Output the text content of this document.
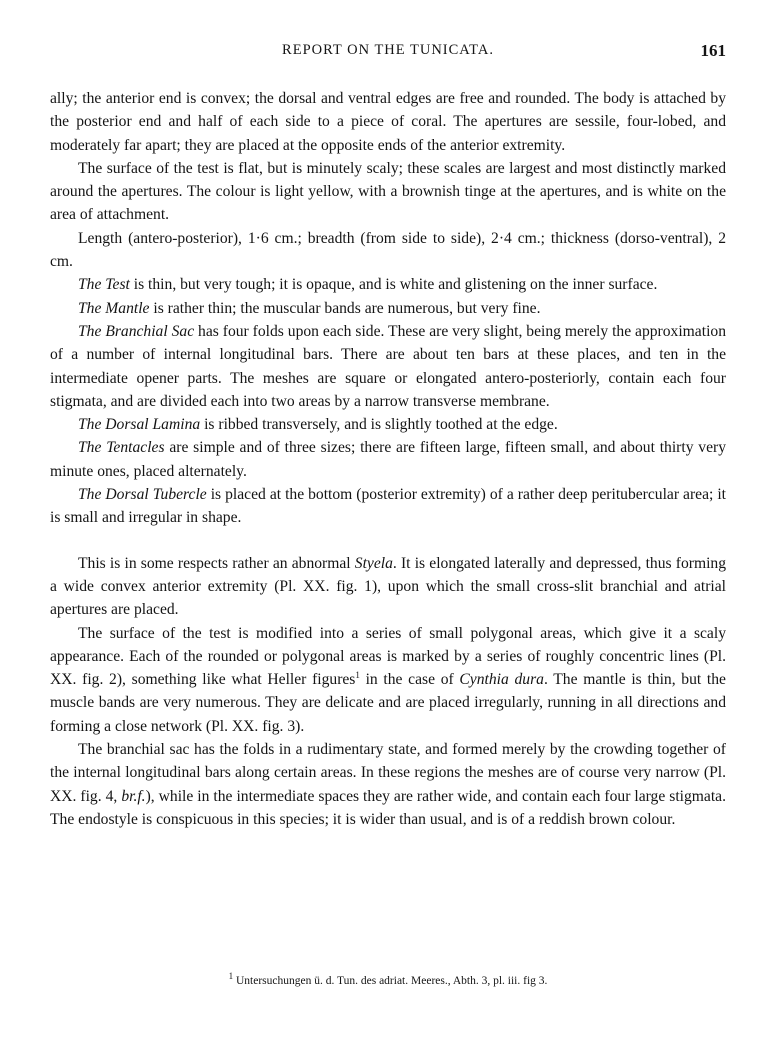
REPORT ON THE TUNICATA.	161

ally; the anterior end is convex; the dorsal and ventral edges are free and rounded. The body is attached by the posterior end and half of each side to a piece of coral. The apertures are sessile, four-lobed, and moderately far apart; they are placed at the opposite ends of the anterior extremity.

The surface of the test is flat, but is minutely scaly; these scales are largest and most distinctly marked around the apertures. The colour is light yellow, with a brownish tinge at the apertures, and is white on the area of attachment.

Length (antero-posterior), 1·6 cm.; breadth (from side to side), 2·4 cm.; thickness (dorso-ventral), 2 cm.

The Test is thin, but very tough; it is opaque, and is white and glistening on the inner surface.

The Mantle is rather thin; the muscular bands are numerous, but very fine.

The Branchial Sac has four folds upon each side. These are very slight, being merely the approximation of a number of internal longitudinal bars. There are about ten bars at these places, and ten in the intermediate opener parts. The meshes are square or elongated antero-posteriorly, contain each four stigmata, and are divided each into two areas by a narrow transverse membrane.

The Dorsal Lamina is ribbed transversely, and is slightly toothed at the edge.

The Tentacles are simple and of three sizes; there are fifteen large, fifteen small, and about thirty very minute ones, placed alternately.

The Dorsal Tubercle is placed at the bottom (posterior extremity) of a rather deep peritubercular area; it is small and irregular in shape.

This is in some respects rather an abnormal Styela. It is elongated laterally and depressed, thus forming a wide convex anterior extremity (Pl. XX. fig. 1), upon which the small cross-slit branchial and atrial apertures are placed.

The surface of the test is modified into a series of small polygonal areas, which give it a scaly appearance. Each of the rounded or polygonal areas is marked by a series of roughly concentric lines (Pl. XX. fig. 2), something like what Heller figures$^1$ in the case of Cynthia dura. The mantle is thin, but the muscle bands are very numerous. They are delicate and are placed irregularly, running in all directions and forming a close network (Pl. XX. fig. 3).

The branchial sac has the folds in a rudimentary state, and formed merely by the crowding together of the internal longitudinal bars along certain areas. In these regions the meshes are of course very narrow (Pl. XX. fig. 4, br.f.), while in the intermediate spaces they are rather wide, and contain each four large stigmata. The endostyle is conspicuous in this species; it is wider than usual, and is of a reddish brown colour.

$^1$ Untersuchungen ü. d. Tun. des adriat. Meeres., Abth. 3, pl. iii. fig 3.
